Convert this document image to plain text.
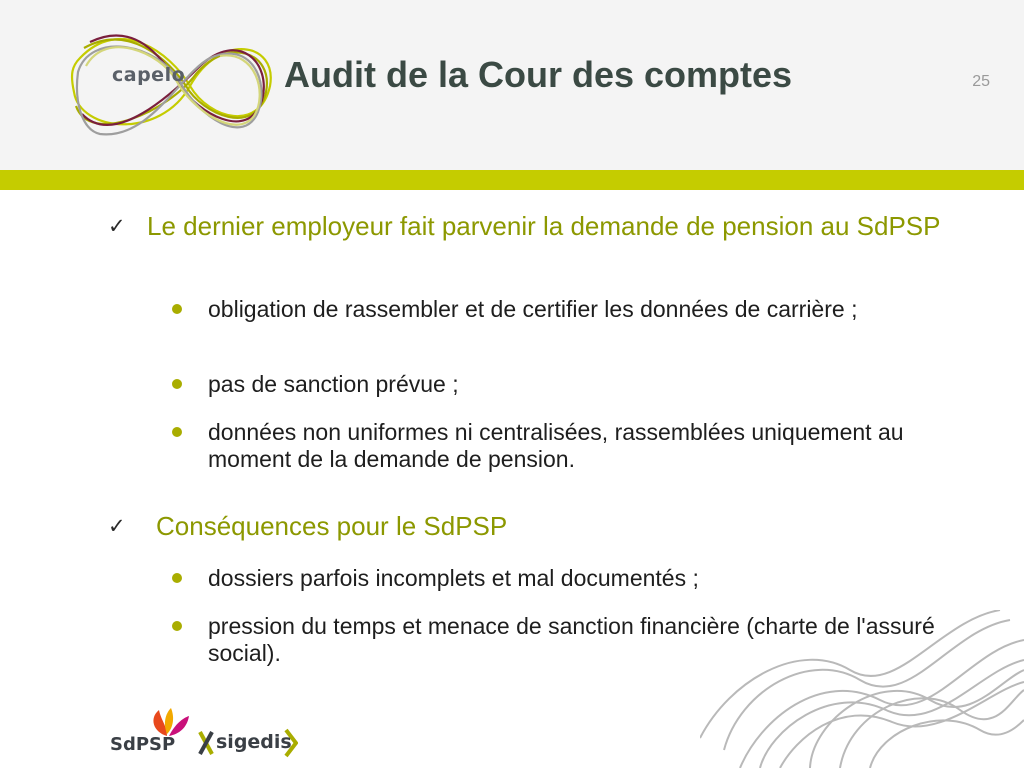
capelo	Audit de la Cour des comptes	25
✓ Le dernier employeur fait parvenir la demande de pension au SdPSP
obligation de rassembler et de certifier les données de carrière ;
pas de sanction prévue ;
données non uniformes ni centralisées, rassemblées uniquement au moment de la demande de pension.
✓ Conséquences pour le SdPSP
dossiers parfois incomplets et mal documentés ;
pression du temps et menace de sanction financière (charte de l'assuré social).
SdPSP sigedis
